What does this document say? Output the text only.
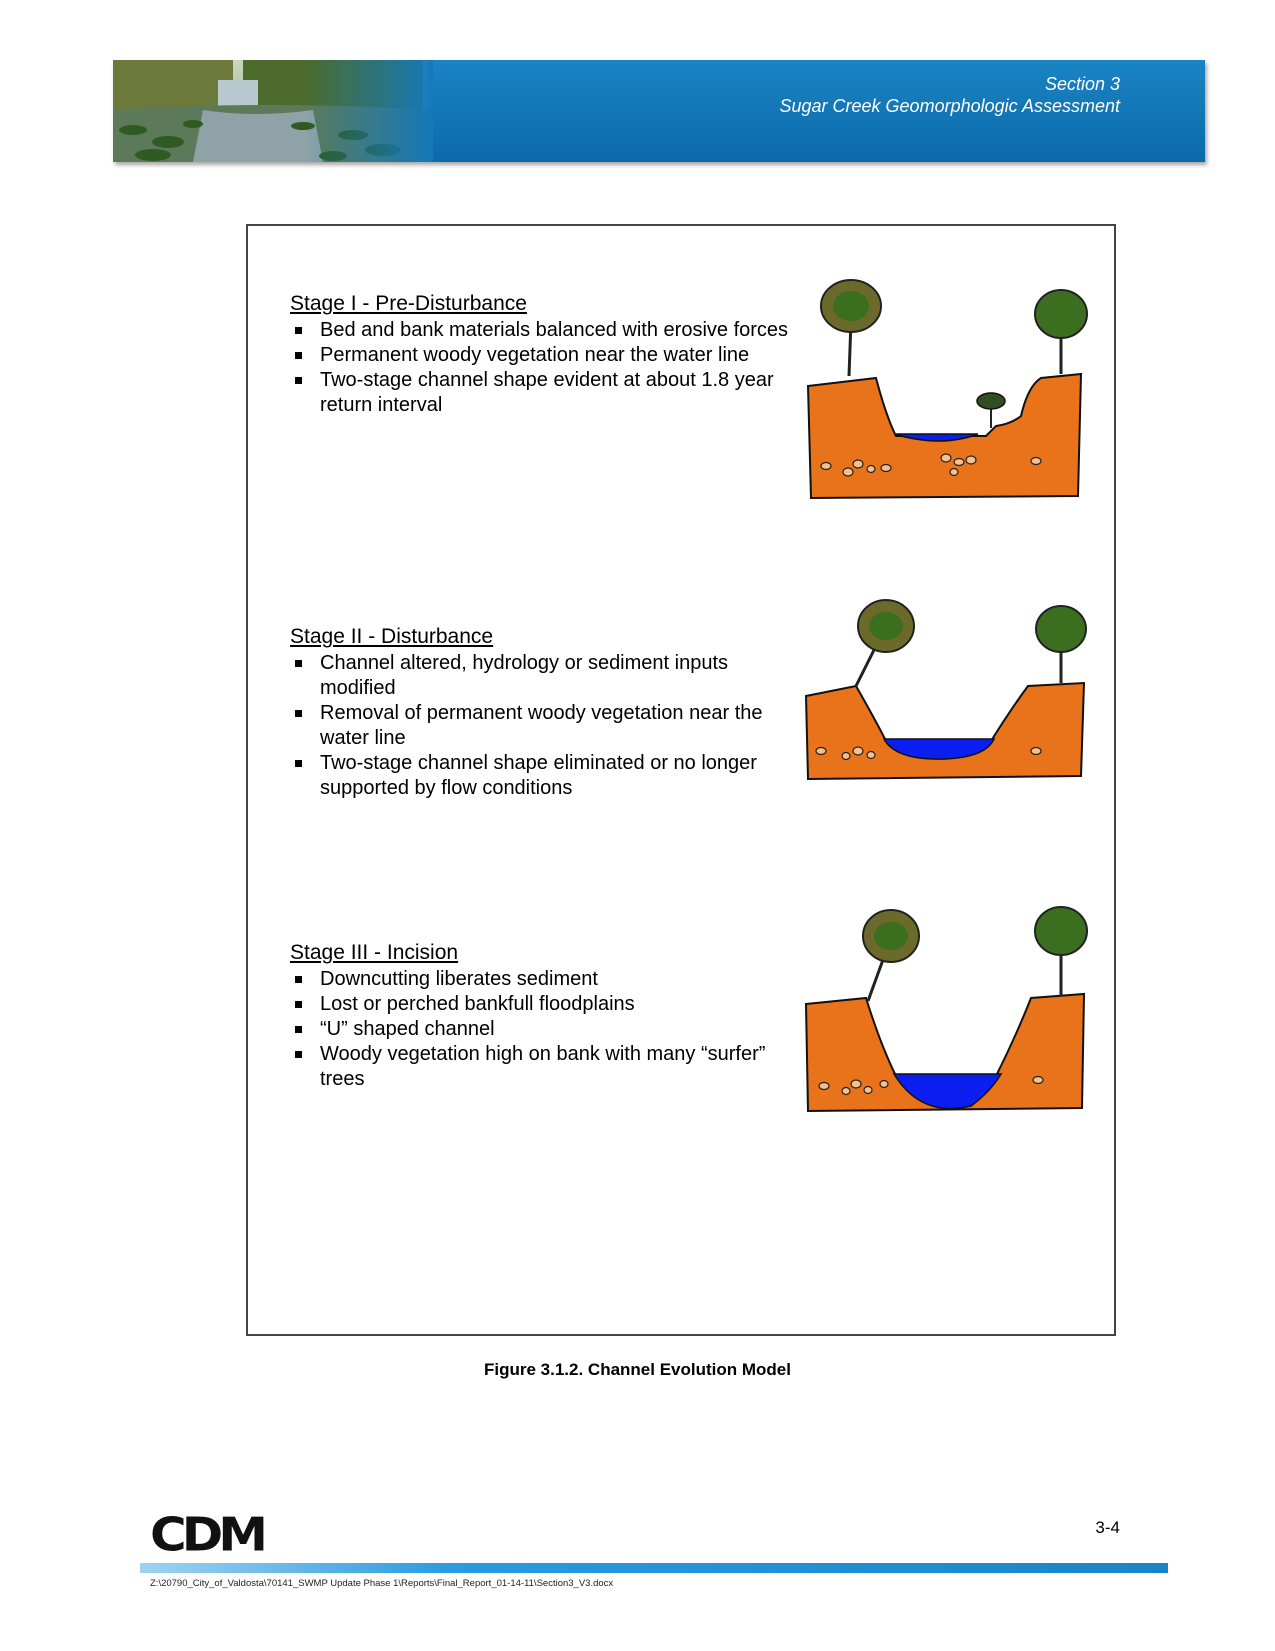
Section 3
Sugar Creek Geomorphologic Assessment
Stage I - Pre-Disturbance
Bed and bank materials balanced with erosive forces
Permanent woody vegetation near the water line
Two-stage channel shape evident at about 1.8 year return interval
Stage II - Disturbance
Channel altered, hydrology or sediment inputs modified
Removal of permanent woody vegetation near the water line
Two-stage channel shape eliminated or no longer supported by flow conditions
Stage III - Incision
Downcutting liberates sediment
Lost or perched bankfull floodplains
“U” shaped channel
Woody vegetation high on bank with many “surfer” trees
Figure 3.1.2. Channel Evolution Model
CDM	3-4
Z:\20790_City_of_Valdosta\70141_SWMP Update Phase 1\Reports\Final_Report_01-14-11\Section3_V3.docx
